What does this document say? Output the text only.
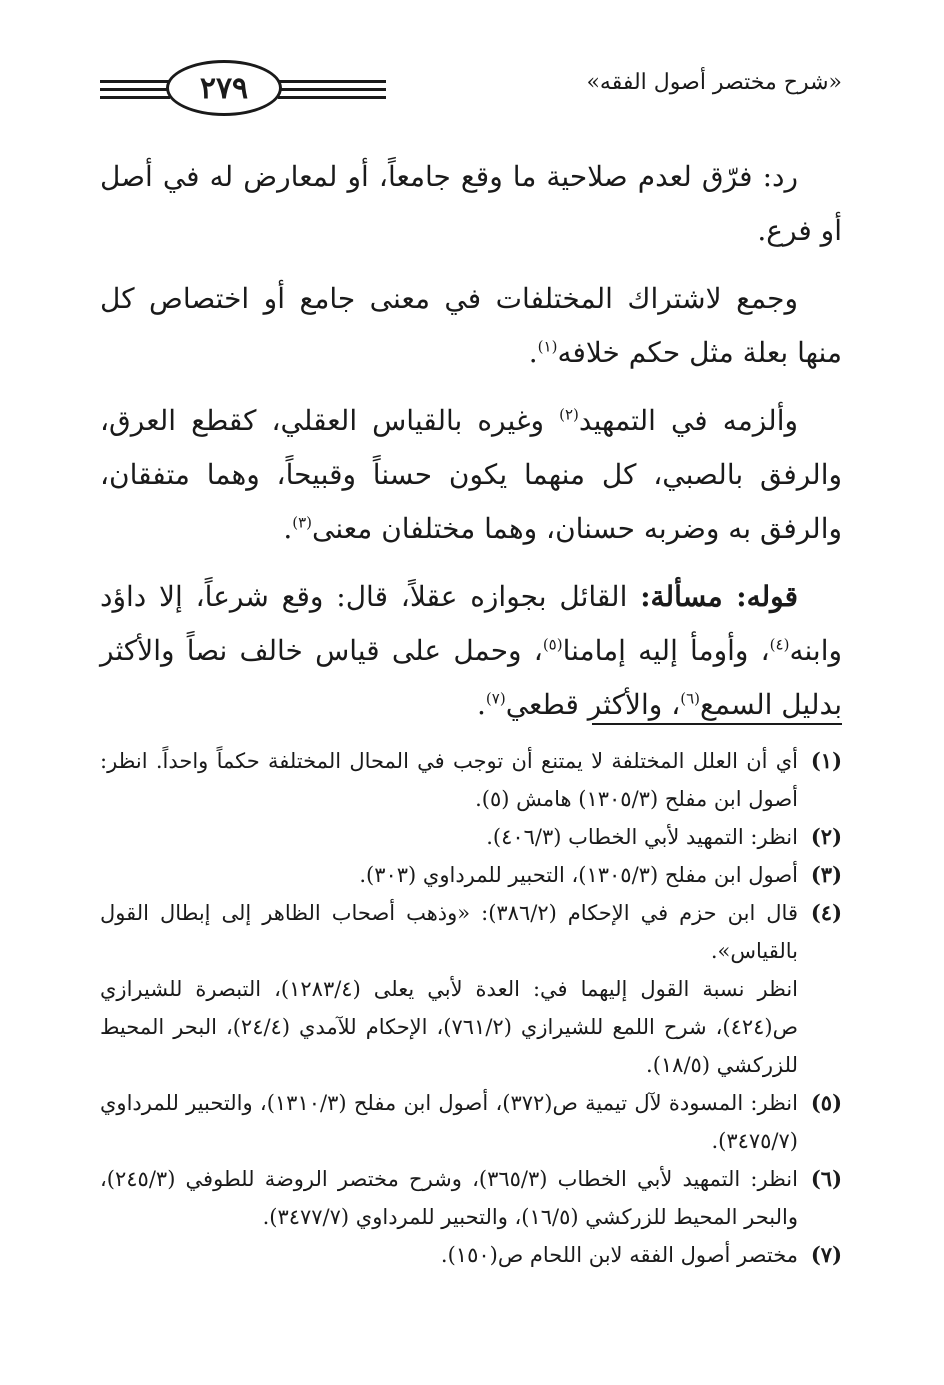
٢٧٩	«شرح مختصر أصول الفقه»

رد: فرّق لعدم صلاحية ما وقع جامعاً، أو لمعارض له في أصل أو فرع.

وجمع لاشتراك المختلفات في معنى جامع أو اختصاص كل منها بعلة مثل حكم خلافه$^{(١)}$.

وألزمه في التمهيد$^{(٢)}$ وغيره بالقياس العقلي، كقطع العرق، والرفق بالصبي، كل منهما يكون حسناً وقبيحاً، وهما متفقان، والرفق به وضربه حسنان، وهما مختلفان معنى$^{(٣)}$.

قوله: مسألة: القائل بجوازه عقلاً، قال: وقع شرعاً، إلا داؤد وابنه$^{(٤)}$، وأومأ إليه إمامنا$^{(٥)}$، وحمل على قياس خالف نصاً والأكثر بدليل السمع$^{(٦)}$، والأكثر قطعي$^{(٧)}$.

(١)

أي أن العلل المختلفة لا يمتنع أن توجب في المحال المختلفة حكماً واحداً. انظر: أصول ابن مفلح (١٣٠٥/٣) هامش (٥).

(٢)

انظر: التمهيد لأبي الخطاب (٤٠٦/٣).

(٣)

أصول ابن مفلح (١٣٠٥/٣)، التحبير للمرداوي (٣٠٣).

(٤)

قال ابن حزم في الإحكام (٣٨٦/٢): «وذهب أصحاب الظاهر إلى إبطال القول بالقياس».

انظر نسبة القول إليهما في: العدة لأبي يعلى (١٢٨٣/٤)، التبصرة للشيرازي ص(٤٢٤)، شرح اللمع للشيرازي (٧٦١/٢)، الإحكام للآمدي (٢٤/٤)، البحر المحيط للزركشي (١٨/٥).

(٥)

انظر: المسودة لآل تيمية ص(٣٧٢)، أصول ابن مفلح (١٣١٠/٣)، والتحبير للمرداوي (٣٤٧٥/٧).

(٦)

انظر: التمهيد لأبي الخطاب (٣٦٥/٣)، وشرح مختصر الروضة للطوفي (٢٤٥/٣)، والبحر المحيط للزركشي (١٦/٥)، والتحبير للمرداوي (٣٤٧٧/٧).

(٧)

مختصر أصول الفقه لابن اللحام ص(١٥٠).
